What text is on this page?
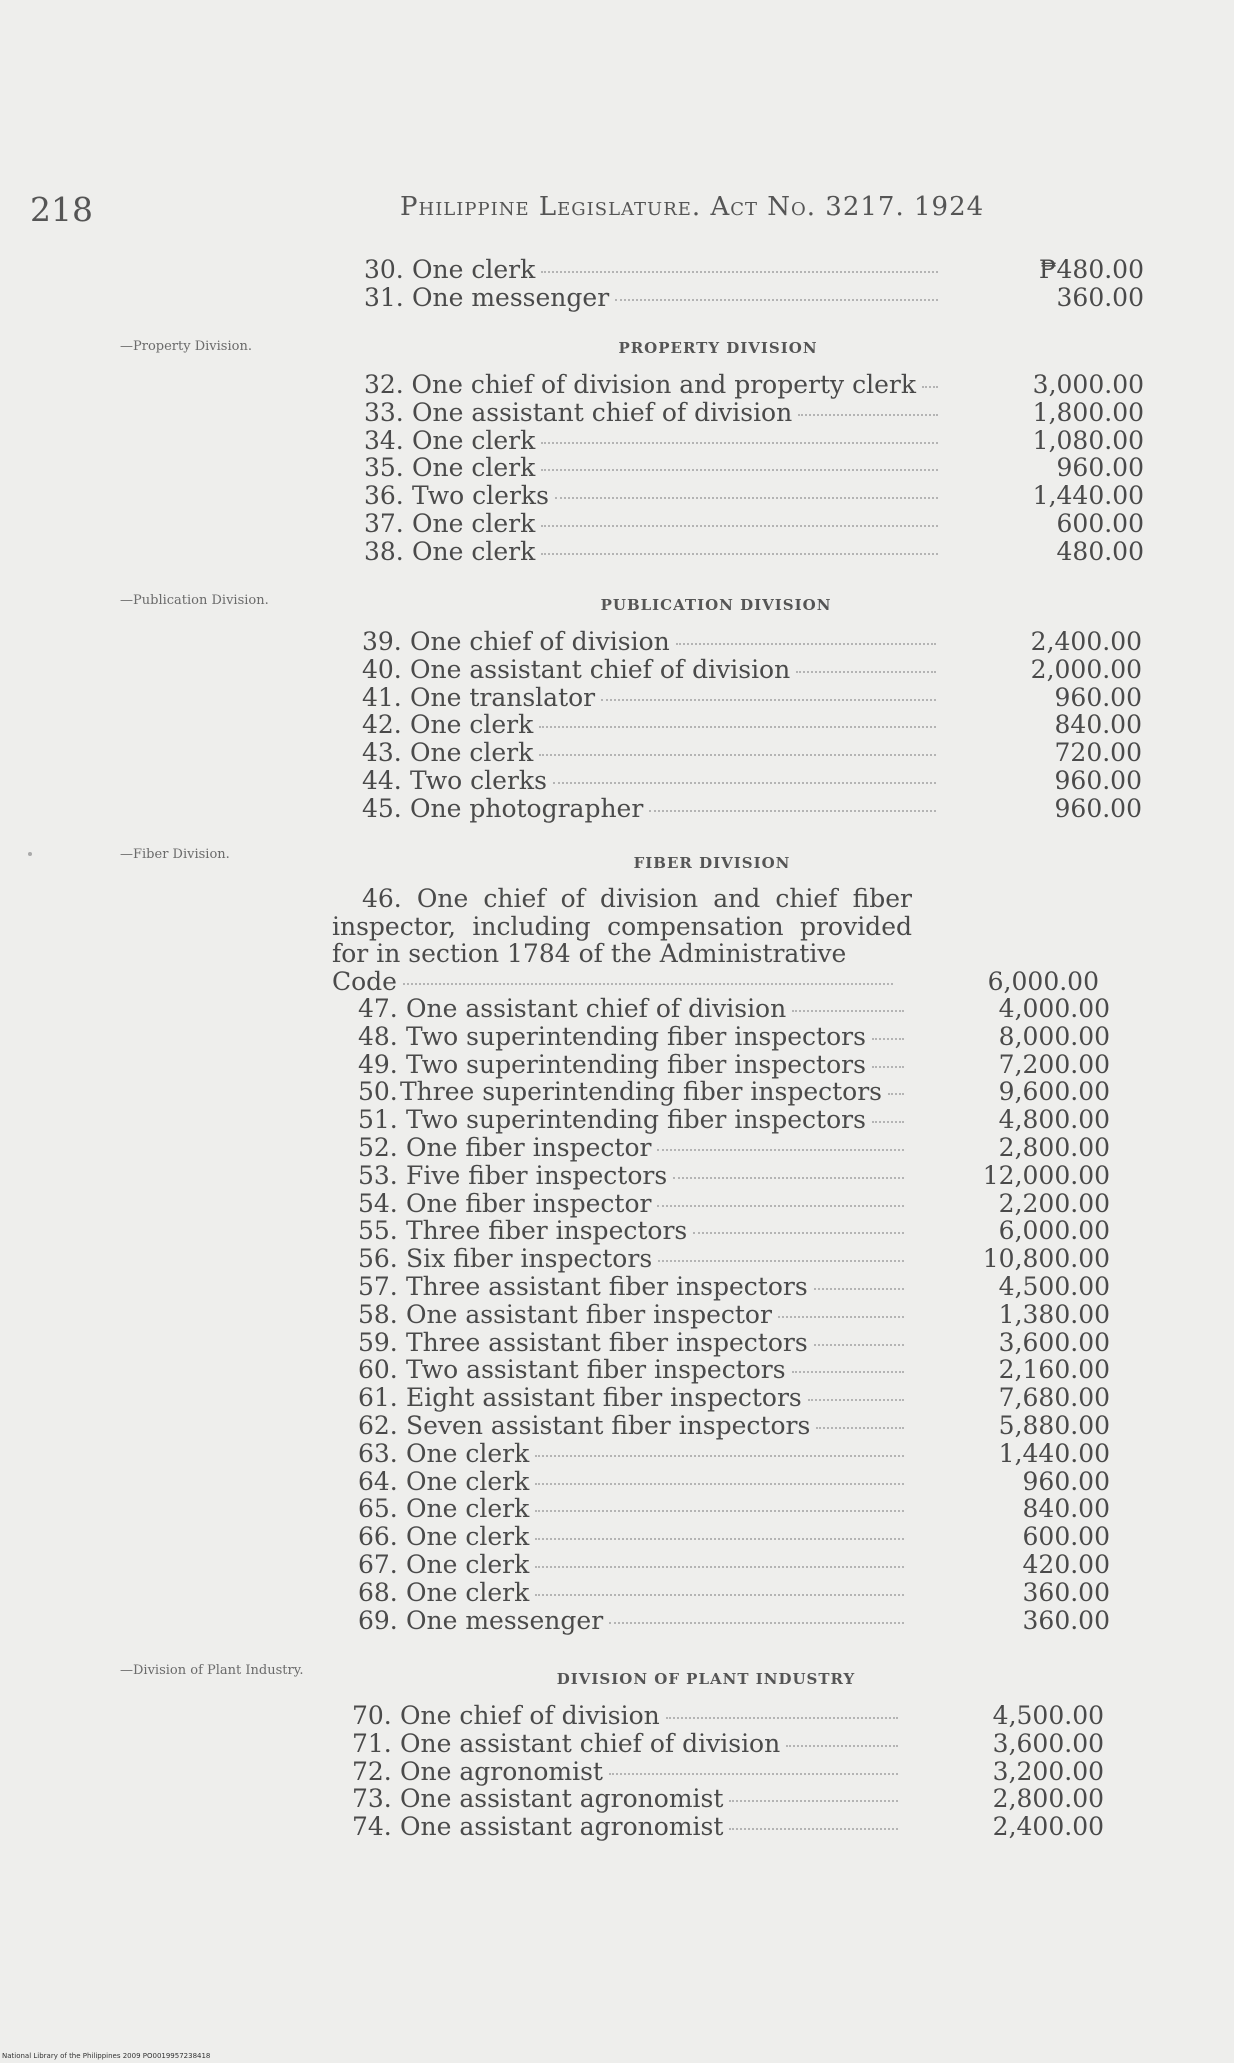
218	Philippine Legislature. Act No. 3217. 1924
30. One clerk	₱480.00
31. One messenger	360.00
—Property Division.	PROPERTY DIVISION
32. One chief of division and property clerk	3,000.00
33. One assistant chief of division	1,800.00
34. One clerk	1,080.00
35. One clerk	960.00
36. Two clerks	1,440.00
37. One clerk	600.00
38. One clerk	480.00
—Publication Division.	PUBLICATION DIVISION
39. One chief of division	2,400.00
40. One assistant chief of division	2,000.00
41. One translator	960.00
42. One clerk	840.00
43. One clerk	720.00
44. Two clerks	960.00
45. One photographer	960.00
—Fiber Division.	FIBER DIVISION
46. One chief of division and chief fiber inspector, including compensation provided for in section 1784 of the Administrative
Code	6,000.00
47. One assistant chief of division	4,000.00
48. Two superintending fiber inspectors	8,000.00
49. Two superintending fiber inspectors	7,200.00
50. Three superintending fiber inspectors	9,600.00
51. Two superintending fiber inspectors	4,800.00
52. One fiber inspector	2,800.00
53. Five fiber inspectors	12,000.00
54. One fiber inspector	2,200.00
55. Three fiber inspectors	6,000.00
56. Six fiber inspectors	10,800.00
57. Three assistant fiber inspectors	4,500.00
58. One assistant fiber inspector	1,380.00
59. Three assistant fiber inspectors	3,600.00
60. Two assistant fiber inspectors	2,160.00
61. Eight assistant fiber inspectors	7,680.00
62. Seven assistant fiber inspectors	5,880.00
63. One clerk	1,440.00
64. One clerk	960.00
65. One clerk	840.00
66. One clerk	600.00
67. One clerk	420.00
68. One clerk	360.00
69. One messenger	360.00
—Division of Plant Industry.	DIVISION OF PLANT INDUSTRY
70. One chief of division	4,500.00
71. One assistant chief of division	3,600.00
72. One agronomist	3,200.00
73. One assistant agronomist	2,800.00
74. One assistant agronomist	2,400.00
National Library of the Philippines 2009 PO0019957238418
